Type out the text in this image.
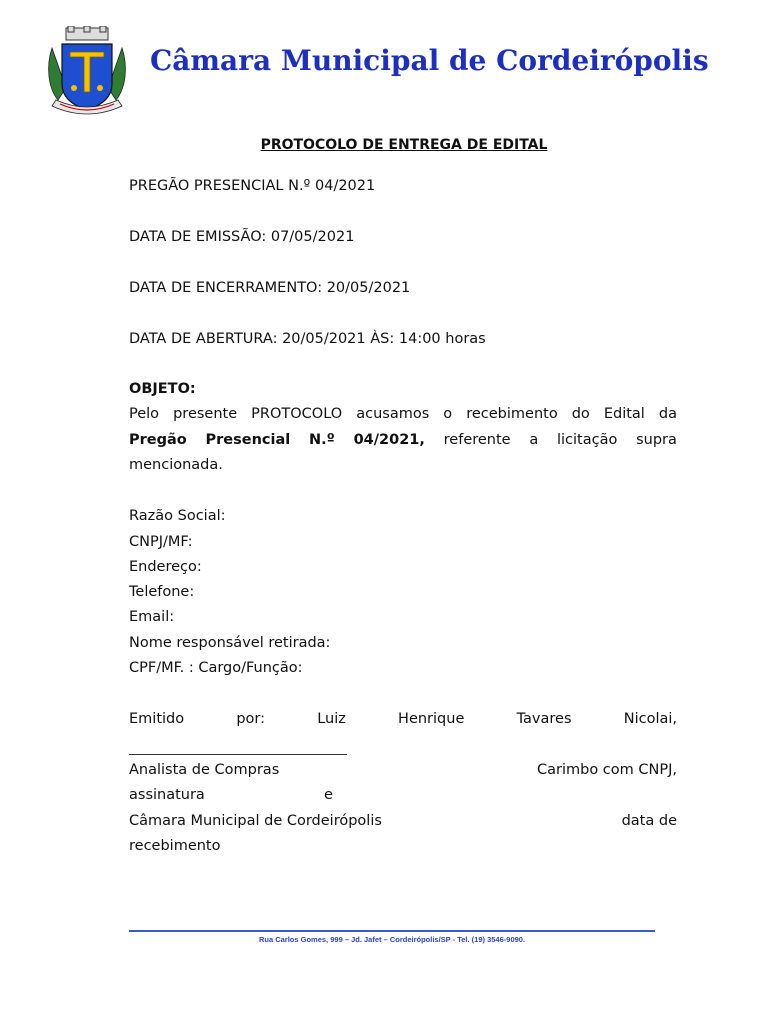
Câmara Municipal de Cordeirópolis
PROTOCOLO DE ENTREGA DE EDITAL
PREGÃO PRESENCIAL N.º 04/2021
DATA DE EMISSÃO: 07/05/2021
DATA DE ENCERRAMENTO: 20/05/2021
DATA DE ABERTURA: 20/05/2021 ÀS: 14:00 horas
OBJETO:
Pelo presente PROTOCOLO acusamos o recebimento do Edital da
Pregão Presencial N.º 04/2021, referente a licitação supra
mencionada.
Razão Social:
CNPJ/MF:
Endereço:
Telefone:
Email:
Nome responsável retirada:
CPF/MF. : Cargo/Função:
Emitido	por:	Luiz	Henrique	Tavares	Nicolai,
Analista de Compras	Carimbo com CNPJ,
assinatura	e
Câmara Municipal de Cordeirópolis	data de
recebimento
Rua Carlos Gomes, 999 – Jd. Jafet – Cordeirópolis/SP - Tel. (19) 3546-9090.
